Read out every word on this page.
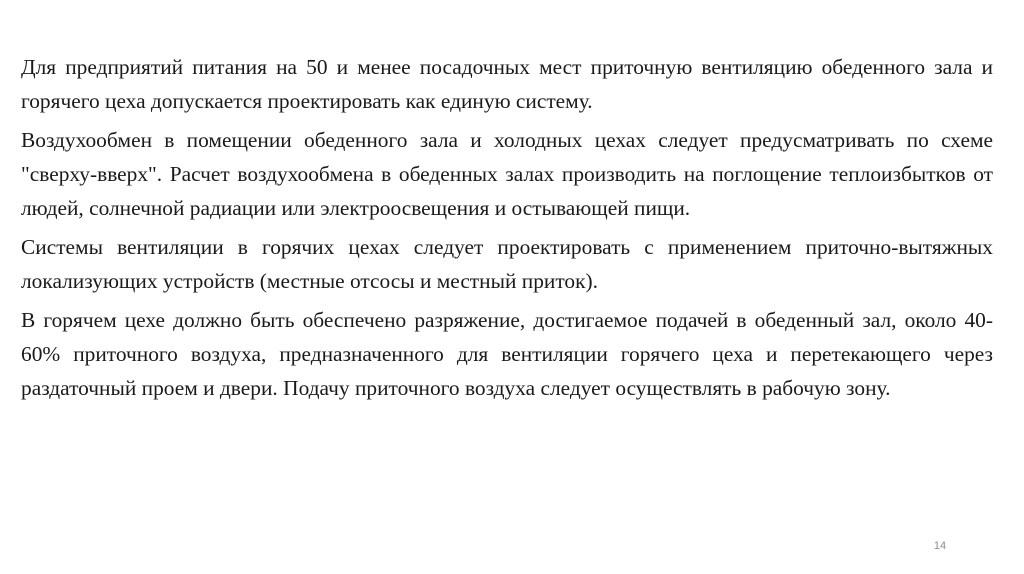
Для предприятий питания на 50 и менее посадочных мест приточную вентиляцию обеденного зала и горячего цеха допускается проектировать как единую систему.

Воздухообмен в помещении обеденного зала и холодных цехах следует предусматривать по схеме "сверху-вверх". Расчет воздухообмена в обеденных залах производить на поглощение теплоизбытков от людей, солнечной радиации или электроосвещения и остывающей пищи.

Системы вентиляции в горячих цехах следует проектировать с применением приточно-вытяжных локализующих устройств (местные отсосы и местный приток).

В горячем цехе должно быть обеспечено разряжение, достигаемое подачей в обеденный зал, около 40-60% приточного воздуха, предназначенного для вентиляции горячего цеха и перетекающего через раздаточный проем и двери. Подачу приточного воздуха следует осуществлять в рабочую зону.

14
